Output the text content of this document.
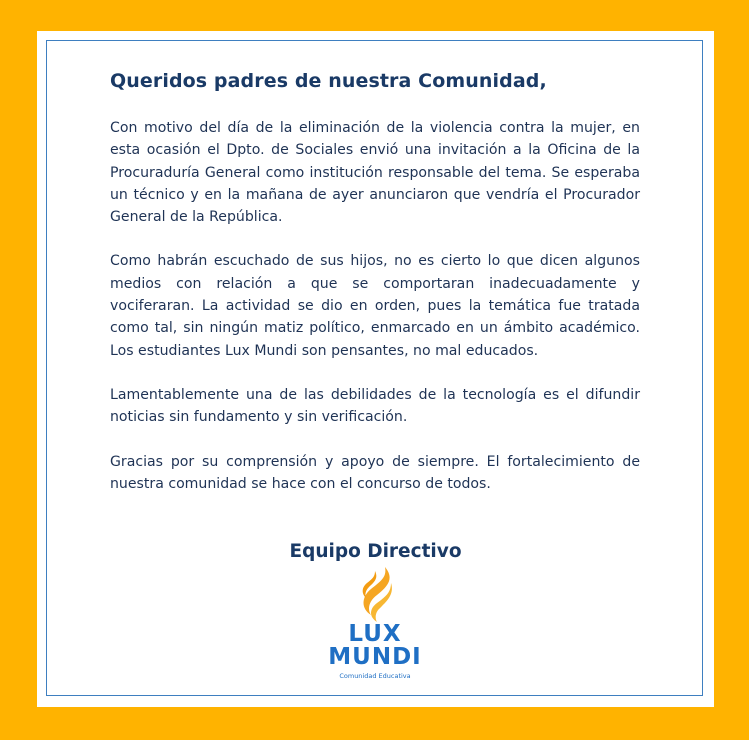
Queridos padres de nuestra Comunidad,

Con motivo del día de la eliminación de la violencia contra la mujer, en esta ocasión el Dpto. de Sociales envió una invitación a la Oficina de la Procuraduría General como institución responsable del tema. Se esperaba un técnico y en la mañana de ayer anunciaron que vendría el Procurador General de la República.

Como habrán escuchado de sus hijos, no es cierto lo que dicen algunos medios con relación a que se comportaran inadecuadamente y vociferaran. La actividad se dio en orden, pues la temática fue tratada como tal, sin ningún matiz político, enmarcado en un ámbito académico. Los estudiantes Lux Mundi son pensantes, no mal educados.

Lamentablemente una de las debilidades de la tecnología es el difundir noticias sin fundamento y sin verificación.

Gracias por su comprensión y apoyo de siempre. El fortalecimiento de nuestra comunidad se hace con el concurso de todos.

Equipo Directivo
LUX
MUNDI
Comunidad Educativa
